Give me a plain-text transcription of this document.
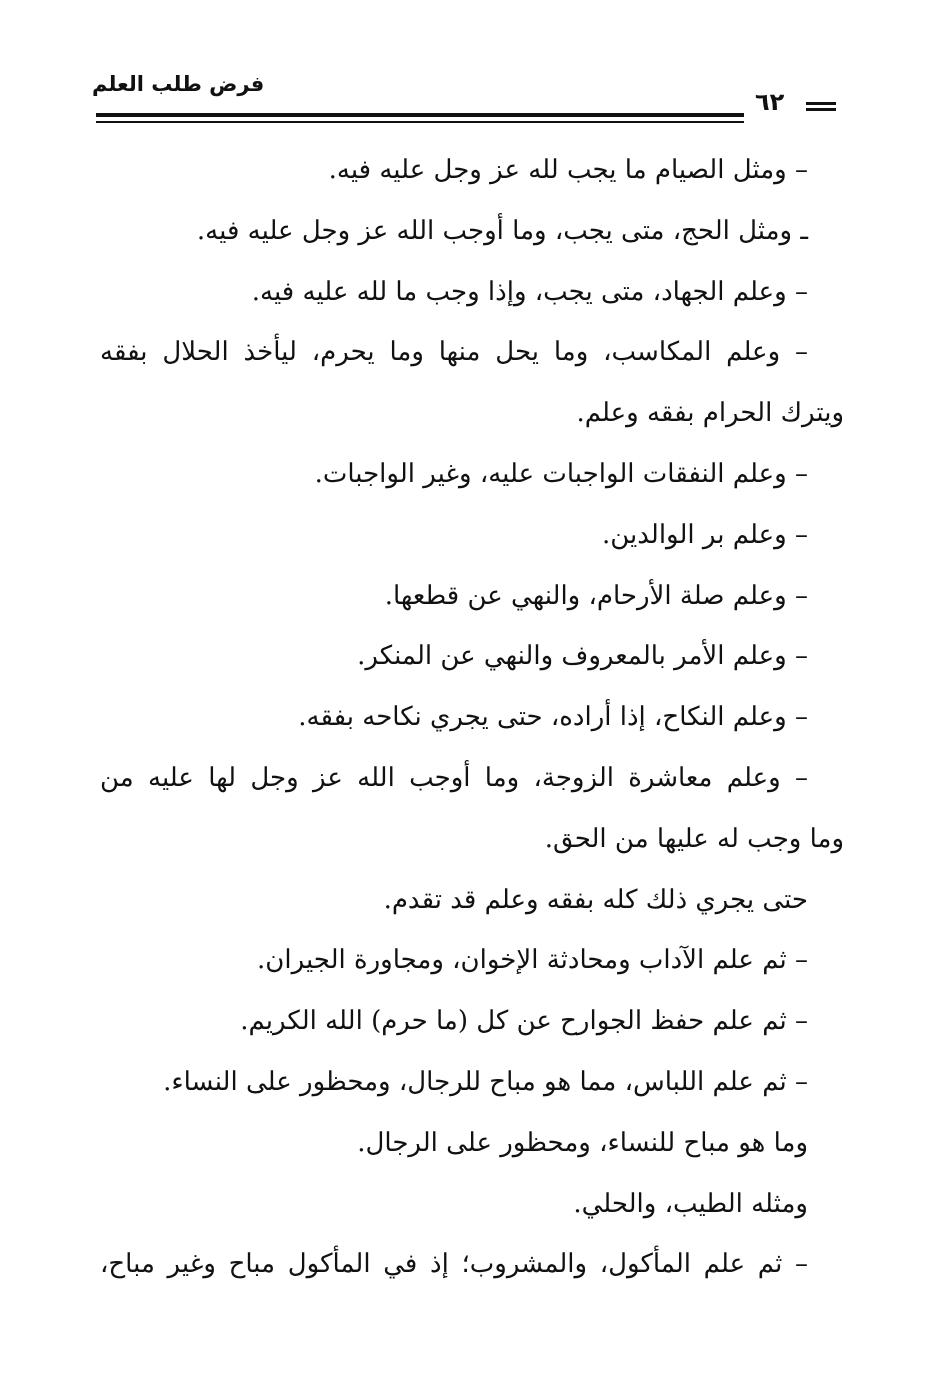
فرض طلب العلم
٦٢
– ومثل الصيام ما يجب لله عز وجل عليه فيه.
ـ ومثل الحج، متى يجب، وما أوجب الله عز وجل عليه فيه.
– وعلم الجهاد، متى يجب، وإذا وجب ما لله عليه فيه.
– وعلم المكاسب، وما يحل منها وما يحرم، ليأخذ الحلال بفقه
ويترك الحرام بفقه وعلم.
– وعلم النفقات الواجبات عليه، وغير الواجبات.
– وعلم بر الوالدين.
– وعلم صلة الأرحام، والنهي عن قطعها.
– وعلم الأمر بالمعروف والنهي عن المنكر.
– وعلم النكاح، إذا أراده، حتى يجري نكاحه بفقه.
– وعلم معاشرة الزوجة، وما أوجب الله عز وجل لها عليه من
وما وجب له عليها من الحق.
حتى يجري ذلك كله بفقه وعلم قد تقدم.
– ثم علم الآداب ومحادثة الإخوان، ومجاورة الجيران.
– ثم علم حفظ الجوارح عن كل (ما حرم) الله الكريم.
– ثم علم اللباس، مما هو مباح للرجال، ومحظور على النساء.
وما هو مباح للنساء، ومحظور على الرجال.
ومثله الطيب، والحلي.
– ثم علم المأكول، والمشروب؛ إذ في المأكول مباح وغير مباح،
